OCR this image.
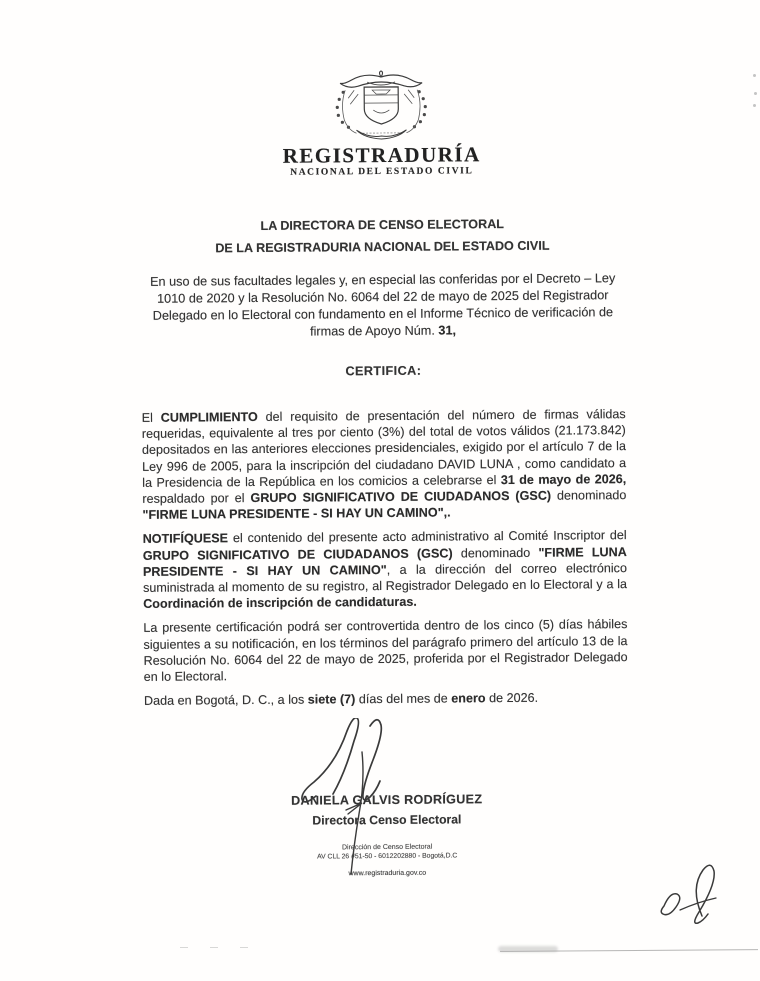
REGISTRADURÍA
NACIONAL DEL ESTADO CIVIL
LA DIRECTORA DE CENSO ELECTORAL
DE LA REGISTRADURIA NACIONAL DEL ESTADO CIVIL

En uso de sus facultades legales y, en especial las conferidas por el Decreto – Ley 1010 de 2020 y la Resolución No. 6064 del 22 de mayo de 2025 del Registrador Delegado en lo Electoral con fundamento en el Informe Técnico de verificación de firmas de Apoyo Núm. 31,

CERTIFICA:

El CUMPLIMIENTO del requisito de presentación del número de firmas válidas requeridas, equivalente al tres por ciento (3%) del total de votos válidos (21.173.842) depositados en las anteriores elecciones presidenciales, exigido por el artículo 7 de la Ley 996 de 2005, para la inscripción del ciudadano DAVID LUNA , como candidato a la Presidencia de la República en los comicios a celebrarse el 31 de mayo de 2026, respaldado por el GRUPO SIGNIFICATIVO DE CIUDADANOS (GSC) denominado "FIRME LUNA PRESIDENTE - SI HAY UN CAMINO",.

NOTIFÍQUESE el contenido del presente acto administrativo al Comité Inscriptor del GRUPO SIGNIFICATIVO DE CIUDADANOS (GSC) denominado "FIRME LUNA PRESIDENTE - SI HAY UN CAMINO", a la dirección del correo electrónico suministrada al momento de su registro, al Registrador Delegado en lo Electoral y a la Coordinación de inscripción de candidaturas.

La presente certificación podrá ser controvertida dentro de los cinco (5) días hábiles siguientes a su notificación, en los términos del parágrafo primero del artículo 13 de la Resolución No. 6064 del 22 de mayo de 2025, proferida por el Registrador Delegado en lo Electoral.

Dada en Bogotá, D. C., a los siete (7) días del mes de enero de 2026.

DANIELA GALVIS RODRÍGUEZ
Directora Censo Electoral
Dirección de Censo Electoral
AV CLL 26 #51-50 - 6012202880 - Bogotá,D.C
www.registraduria.gov.co
